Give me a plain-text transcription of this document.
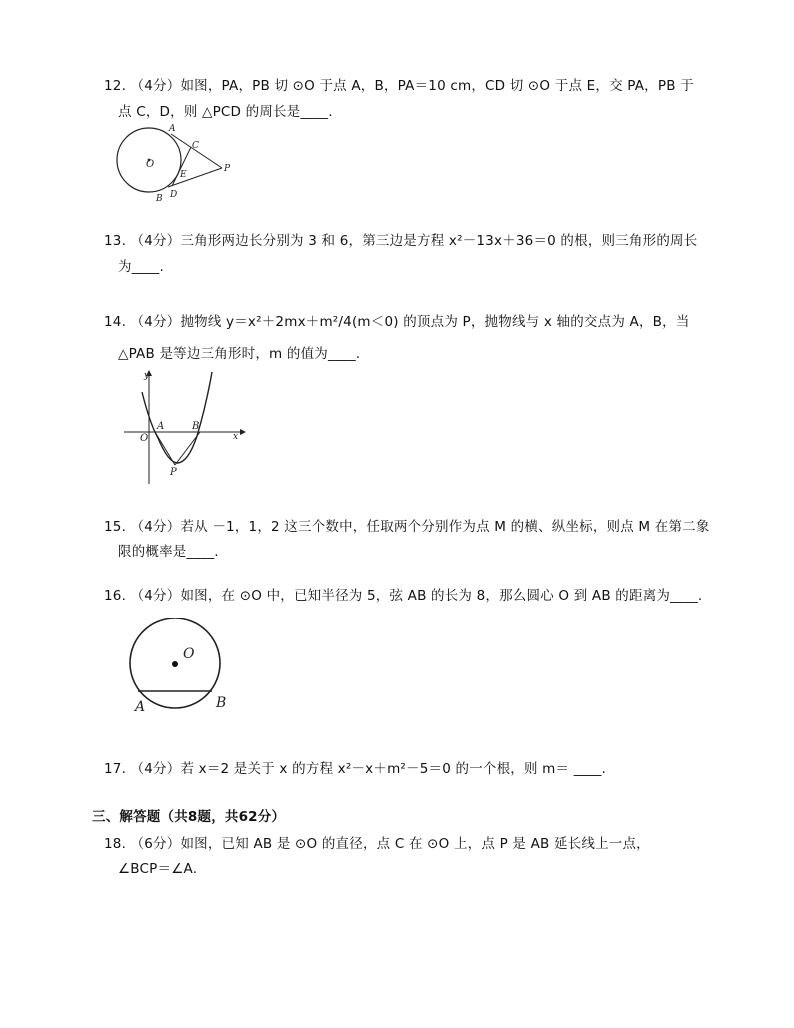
12. （4分）如图，PA，PB 切 ⊙O 于点 A，B，PA＝10 cm，CD 切 ⊙O 于点 E，交 PA，PB 于
点 C，D，则 △PCD 的周长是____.
O
A
C
P
E
D
B
13. （4分）三角形两边长分别为 3 和 6，第三边是方程 x²－13x＋36＝0 的根，则三角形的周长
为____.
14. （4分）抛物线 y＝x²＋2mx＋m²/4(m＜0) 的顶点为 P，抛物线与 x 轴的交点为 A，B，当
△PAB 是等边三角形时，m 的值为____.
y
x
O
A	B
P
15. （4分）若从 －1，1，2 这三个数中，任取两个分别作为点 M 的横、纵坐标，则点 M 在第二象
限的概率是____.
16. （4分）如图，在 ⊙O 中，已知半径为 5，弦 AB 的长为 8，那么圆心 O 到 AB 的距离为____.
O
A	B
17. （4分）若 x＝2 是关于 x 的方程 x²－x＋m²－5＝0 的一个根，则 m＝ ____.
三、解答题（共8题，共62分）
18. （6分）如图，已知 AB 是 ⊙O 的直径，点 C 在 ⊙O 上，点 P 是 AB 延长线上一点，
∠BCP＝∠A.
